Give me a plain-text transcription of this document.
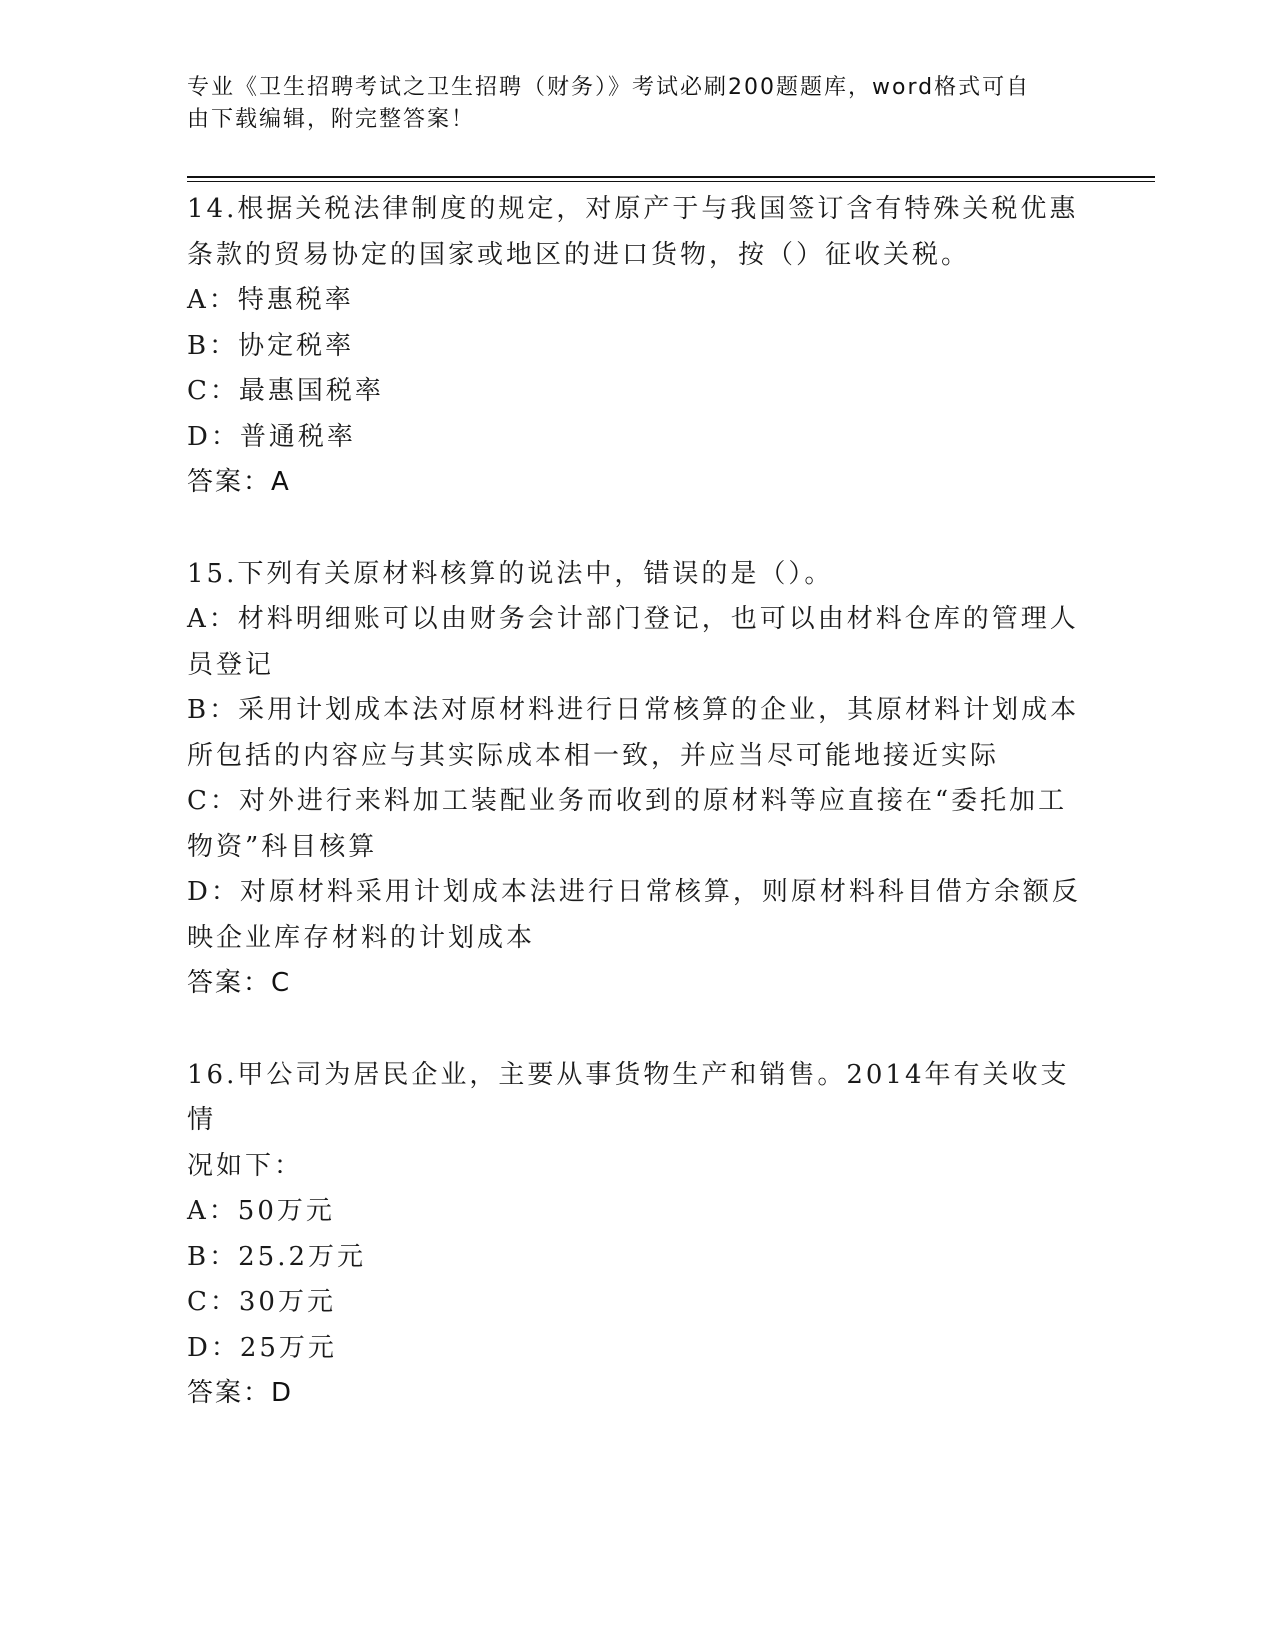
专业《卫生招聘考试之卫生招聘（财务）》考试必刷200题题库，word格式可自
由下载编辑，附完整答案！

14.根据关税法律制度的规定，对原产于与我国签订含有特殊关税优惠

条款的贸易协定的国家或地区的进口货物，按（）征收关税。

A：特惠税率

B：协定税率

C：最惠国税率

D：普通税率

答案：A

15.下列有关原材料核算的说法中，错误的是（）。

A：材料明细账可以由财务会计部门登记，也可以由材料仓库的管理人

员登记

B：采用计划成本法对原材料进行日常核算的企业，其原材料计划成本

所包括的内容应与其实际成本相一致，并应当尽可能地接近实际

C：对外进行来料加工装配业务而收到的原材料等应直接在“委托加工

物资”科目核算

D：对原材料采用计划成本法进行日常核算，则原材料科目借方余额反

映企业库存材料的计划成本

答案：C

16.甲公司为居民企业，主要从事货物生产和销售。2014年有关收支情

况如下：

A：50万元

B：25.2万元

C：30万元

D：25万元

答案：D
